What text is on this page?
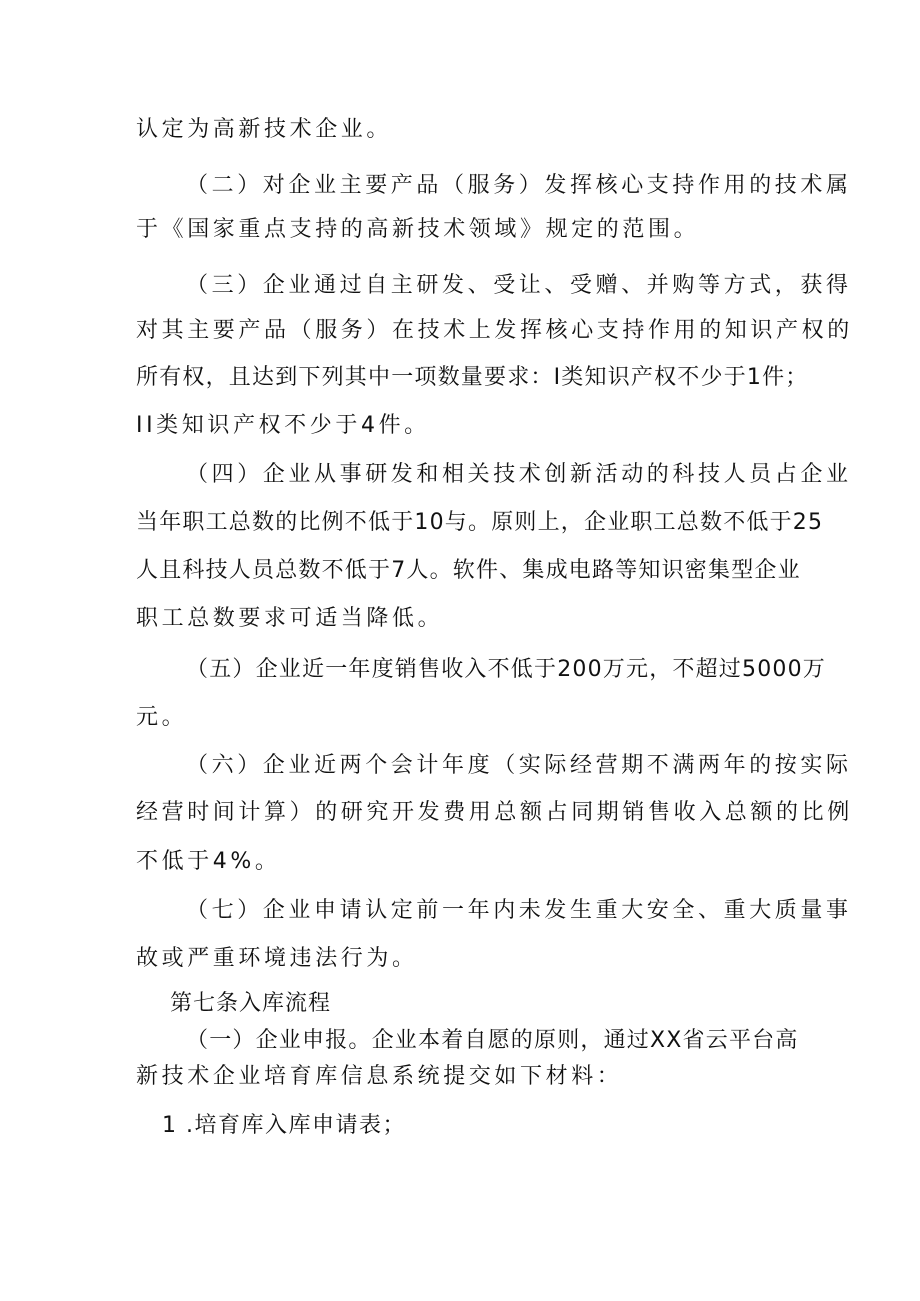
认定为高新技术企业。
（二）对企业主要产品（服务）发挥核心支持作用的技术属
于《国家重点支持的高新技术领域》规定的范围。
（三）企业通过自主研发、受让、受赠、并购等方式，获得
对其主要产品（服务）在技术上发挥核心支持作用的知识产权的
所有权，且达到下列其中一项数量要求：I类知识产权不少于1件；
II类知识产权不少于4件。
（四）企业从事研发和相关技术创新活动的科技人员占企业
当年职工总数的比例不低于10与。原则上，企业职工总数不低于25
人且科技人员总数不低于7人。软件、集成电路等知识密集型企业
职工总数要求可适当降低。
（五）企业近一年度销售收入不低于200万元，不超过5000万
元。
（六）企业近两个会计年度（实际经营期不满两年的按实际
经营时间计算）的研究开发费用总额占同期销售收入总额的比例
不低于4%。
（七）企业申请认定前一年内未发生重大安全、重大质量事
故或严重环境违法行为。
第七条入库流程
（一）企业申报。企业本着自愿的原则，通过XX省云平台高
新技术企业培育库信息系统提交如下材料：
1 .培育库入库申请表；
